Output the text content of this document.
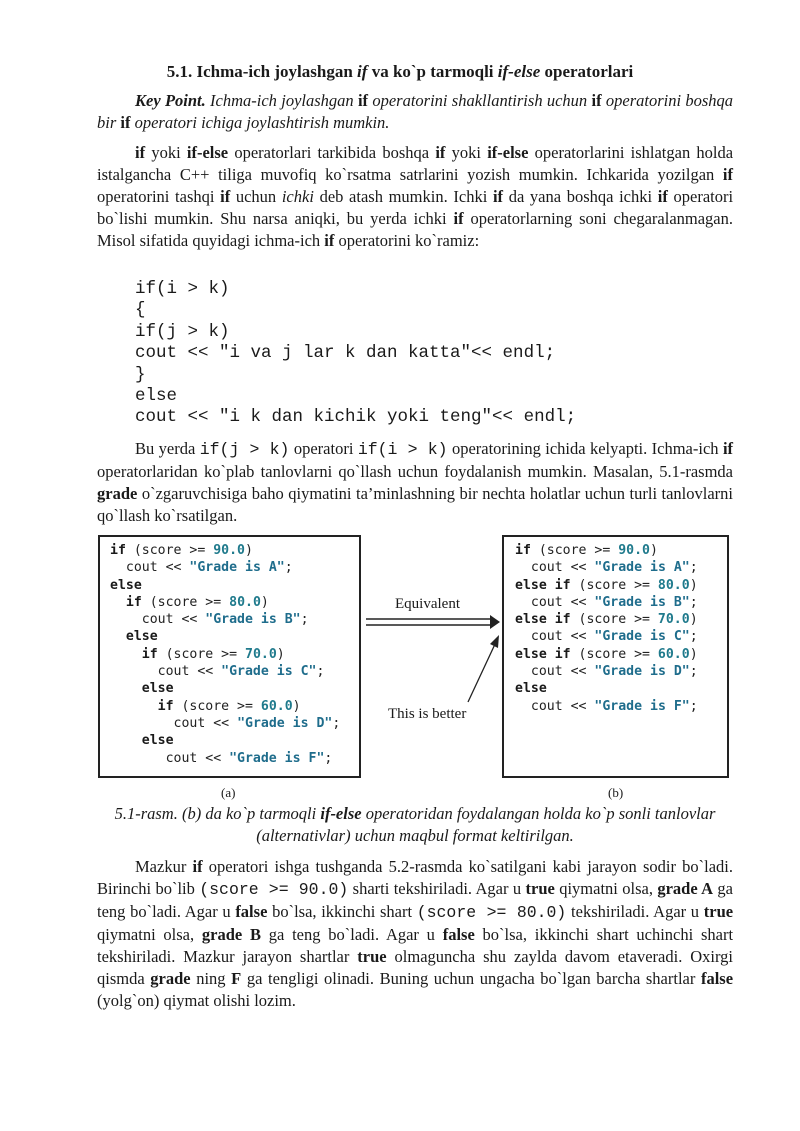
5.1. Ichma-ich joylashgan if va ko`p tarmoqli if-else operatorlari

Key Point. Ichma-ich joylashgan if operatorini shakllantirish uchun if operatorini boshqa bir if operatori ichiga joylashtirish mumkin.

if yoki if-else operatorlari tarkibida boshqa if yoki if-else operatorlarini ishlatgan holda istalgancha C++ tiliga muvofiq ko`rsatma satrlarini yozish mumkin. Ichkarida yozilgan if operatorini tashqi if uchun ichki deb atash mumkin. Ichki if da yana boshqa ichki if operatori bo`lishi mumkin. Shu narsa aniqki, bu yerda ichki if operatorlarning soni chegaralanmagan. Misol sifatida quyidagi ichma-ich if operatorini ko`ramiz:

if(i > k)
{
if(j > k)
cout << "i va j lar k dan katta"<< endl;
}
else
cout << "i k dan kichik yoki teng"<< endl;

Bu yerda if(j > k) operatori if(i > k) operatorining ichida kelyapti. Ichma-ich if operatorlaridan ko`plab tanlovlarni qo`llash uchun foydalanish mumkin. Masalan, 5.1-rasmda grade o`zgaruvchisiga baho qiymatini ta’minlashning bir nechta holatlar uchun turli tanlovlarni qo`llash ko`rsatilgan.

if (score >= 90.0)
cout << "Grade is A";
else
if (score >= 80.0)
cout << "Grade is B";
else
if (score >= 70.0)
cout << "Grade is C";
else
if (score >= 60.0)
cout << "Grade is D";
else
cout << "Grade is F";
if (score >= 90.0)
cout << "Grade is A";
else if (score >= 80.0)
cout << "Grade is B";
else if (score >= 70.0)
cout << "Grade is C";
else if (score >= 60.0)
cout << "Grade is D";
else
cout << "Grade is F";
Equivalent
This is better
(a)	(b)
5.1-rasm. (b) da ko`p tarmoqli if-else operatoridan foydalangan holda ko`p sonli tanlovlar (alternativlar) uchun maqbul format keltirilgan.

Mazkur if operatori ishga tushganda 5.2-rasmda ko`satilgani kabi jarayon sodir bo`ladi. Birinchi bo`lib (score >= 90.0) sharti tekshiriladi. Agar u true qiymatni olsa, grade A ga teng bo`ladi. Agar u false bo`lsa, ikkinchi shart (score >= 80.0) tekshiriladi. Agar u true qiymatni olsa, grade B ga teng bo`ladi. Agar u false bo`lsa, ikkinchi shart uchinchi shart tekshiriladi. Mazkur jarayon shartlar true olmaguncha shu zaylda davom etaveradi. Oxirgi qismda grade ning F ga tengligi olinadi. Buning uchun ungacha bo`lgan barcha shartlar false (yolg`on) qiymat olishi lozim.
